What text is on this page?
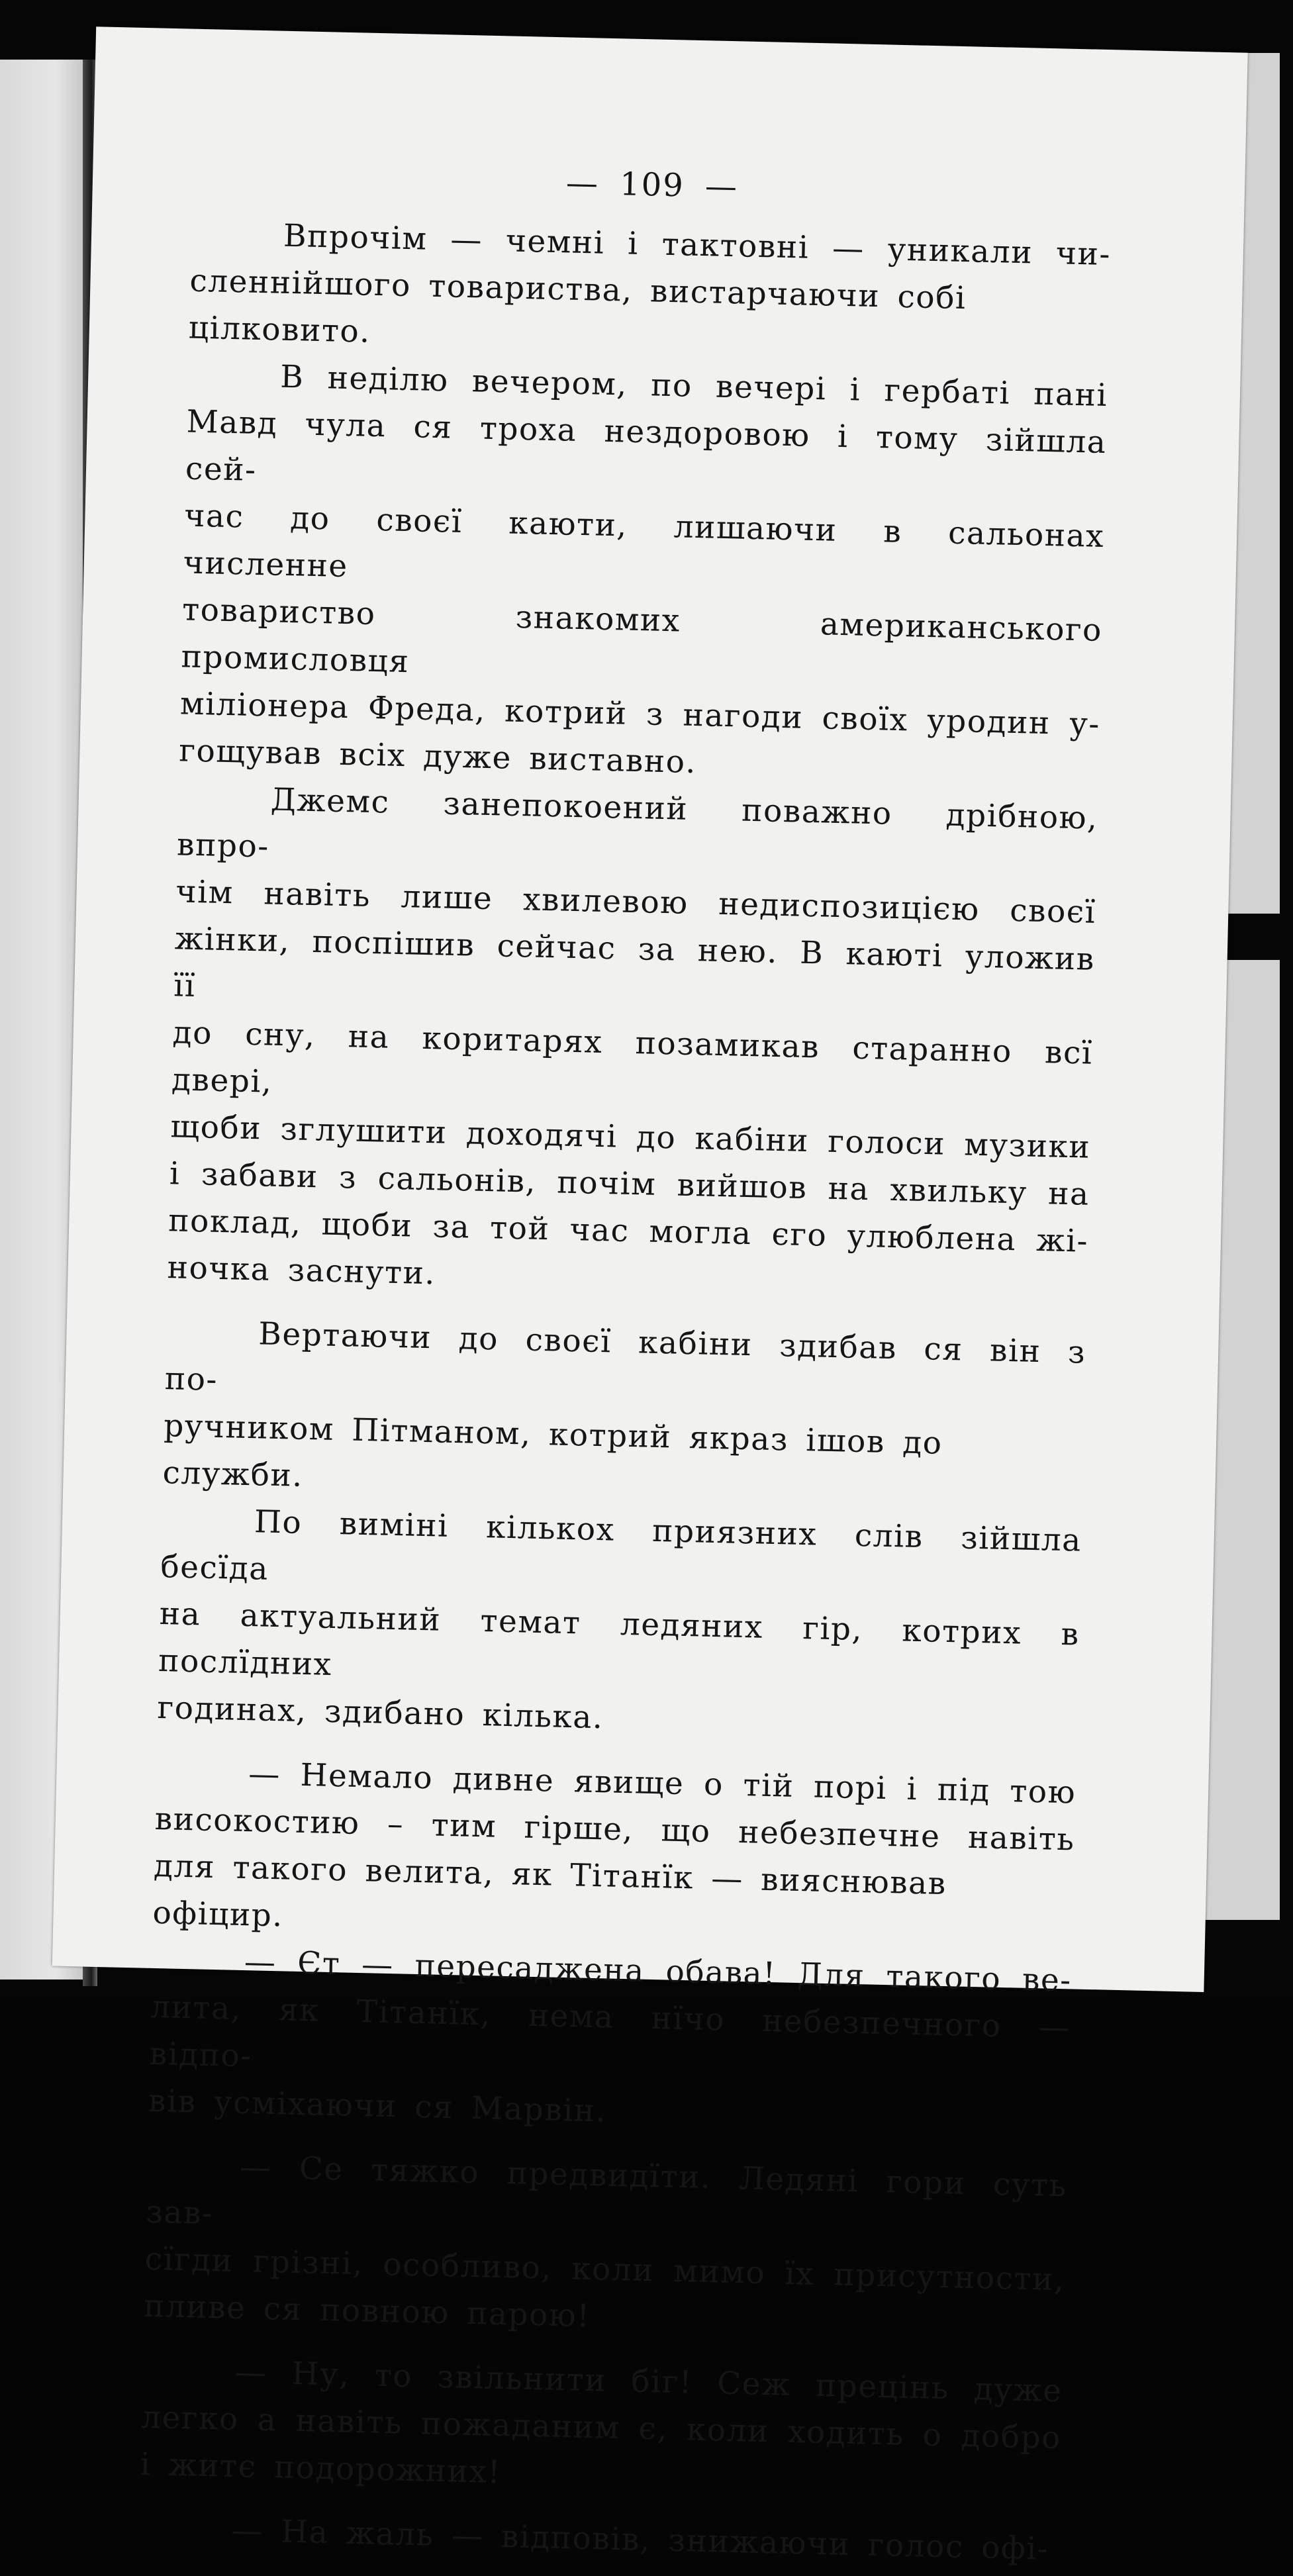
— 109 —

Впрочім — чемні і тактовні — уникали чи-
сленнійшого товариства, вистарчаючи собі цілковито.

В неділю вечером, по вечері і гербаті пані
Мавд чула ся троха нездоровою і тому зійшла сей-
час до своєї каюти, лишаючи в сальонах численне
товариство знакомих американського промисловця
міліонера Фреда, котрий з нагоди своїх уродин у-
гощував всіх дуже виставно.

Джемс занепокоений поважно дрібною, впро-
чім навіть лише хвилевою недиспозицією своєї
жінки, поспішив сейчас за нею. В каюті уложив її
до сну, на коритарях позамикав старанно всї двері,
щоби зглушити доходячі до кабіни голоси музики
і забави з сальонів, почім вийшов на хвильку на
поклад, щоби за той час могла єго улюблена жі-
ночка заснути.

Вертаючи до своєї кабіни здибав ся він з по-
ручником Пітманом, котрий якраз ішов до служби.

По виміні кількох приязних слів зійшла бесїда
на актуальний темат ледяних гір, котрих в послїдних
годинах, здибано кілька.

— Немало дивне явище о тій порі і під тою
високостию – тим гірше, що небезпечне навіть
для такого велита, як Тітанїк — вияснював офіцир.

— Єт — пересаджена обава! Для такого ве-
лита, як Тітанїк, нема нїчо небезпечного — відпо-
вів усміхаючи ся Марвін.

— Се тяжко предвидїти. Ледяні гори суть зав-
сїгди грізні, особливо, коли мимо їх присутности,
пливе ся повною парою!

— Ну, то звільнити біг! Сеж прецінь дуже
легко а навіть пожаданим є, коли ходить о добро
і житє подорожних!

— На жаль — відповів, знижаючи голос офі-
